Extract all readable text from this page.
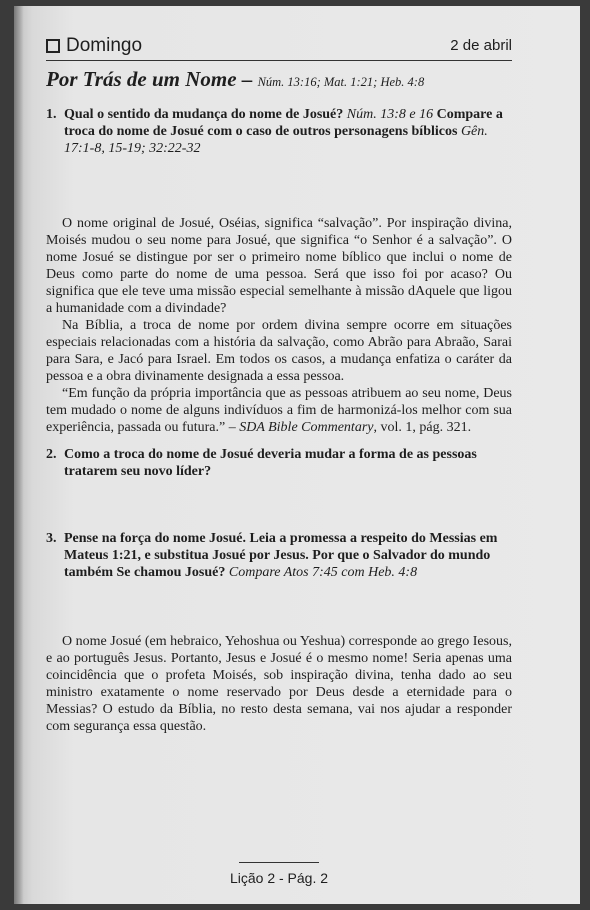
Domingo	2 de abril
Por Trás de um Nome – Núm. 13:16; Mat. 1:21; Heb. 4:8
1. Qual o sentido da mudança do nome de Josué? Núm. 13:8 e 16 Compare a troca do nome de Josué com o caso de outros personagens bíblicos Gên. 17:1-8, 15-19; 32:22-32

O nome original de Josué, Oséias, significa “salvação”. Por inspiração divina, Moisés mudou o seu nome para Josué, que significa “o Senhor é a salvação”. O nome Josué se distingue por ser o primeiro nome bíblico que inclui o nome de Deus como parte do nome de uma pessoa. Será que isso foi por acaso? Ou significa que ele teve uma missão especial semelhante à missão dAquele que ligou a humanidade com a divindade?

Na Bíblia, a troca de nome por ordem divina sempre ocorre em situações especiais relacionadas com a história da salvação, como Abrão para Abraão, Sarai para Sara, e Jacó para Israel. Em todos os casos, a mudança enfatiza o caráter da pessoa e a obra divinamente designada a essa pessoa.

“Em função da própria importância que as pessoas atribuem ao seu nome, Deus tem mudado o nome de alguns indivíduos a fim de harmonizá-los melhor com sua experiência, passada ou futura.” – SDA Bible Commentary, vol. 1, pág. 321.

2. Como a troca do nome de Josué deveria mudar a forma de as pessoas tratarem seu novo líder?
3. Pense na força do nome Josué. Leia a promessa a respeito do Messias em Mateus 1:21, e substitua Josué por Jesus. Por que o Salvador do mundo também Se chamou Josué? Compare Atos 7:45 com Heb. 4:8

O nome Josué (em hebraico, Yehoshua ou Yeshua) corresponde ao grego Iesous, e ao português Jesus. Portanto, Jesus e Josué é o mesmo nome! Seria apenas uma coincidência que o profeta Moisés, sob inspiração divina, tenha dado ao seu ministro exatamente o nome reservado por Deus desde a eternidade para o Messias? O estudo da Bíblia, no resto desta semana, vai nos ajudar a responder com segurança essa questão.

Lição 2 - Pág. 2
